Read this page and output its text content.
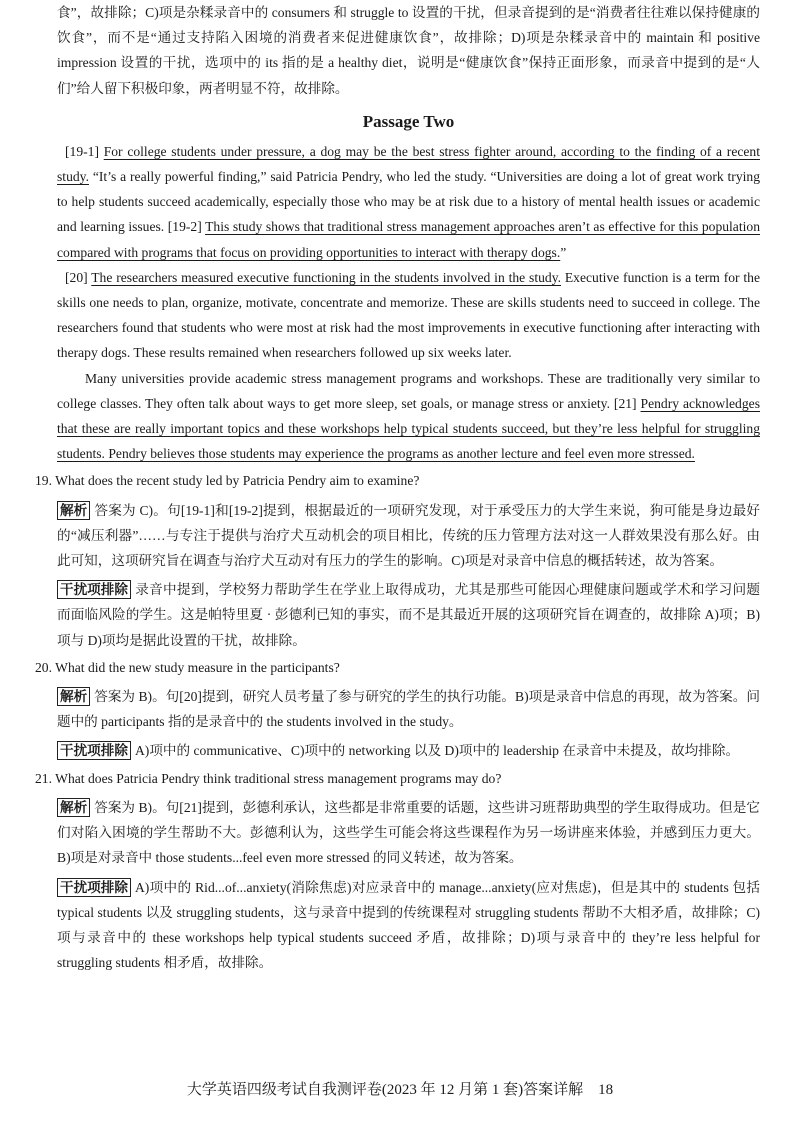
食”，故排除；C)项是杂糅录音中的 consumers 和 struggle to 设置的干扰，但录音提到的是“消费者往往难以保持健康的饮食”，而不是“通过支持陷入困境的消费者来促进健康饮食”，故排除；D)项是杂糅录音中的 maintain 和 positive impression 设置的干扰，选项中的 its 指的是 a healthy diet，说明是“健康饮食”保持正面形象，而录音中提到的是“人们”给人留下积极印象，两者明显不符，故排除。

Passage Two

[19-1] For college students under pressure, a dog may be the best stress fighter around, according to the finding of a recent study. “It’s a really powerful finding,” said Patricia Pendry, who led the study. “Universities are doing a lot of great work trying to help students succeed academically, especially those who may be at risk due to a history of mental health issues or academic and learning issues. [19-2] This study shows that traditional stress management approaches aren’t as effective for this population compared with programs that focus on providing opportunities to interact with therapy dogs.”

[20] The researchers measured executive functioning in the students involved in the study. Executive function is a term for the skills one needs to plan, organize, motivate, concentrate and memorize. These are skills students need to succeed in college. The researchers found that students who were most at risk had the most improvements in executive functioning after interacting with therapy dogs. These results remained when researchers followed up six weeks later.

Many universities provide academic stress management programs and workshops. These are traditionally very similar to college classes. They often talk about ways to get more sleep, set goals, or manage stress or anxiety. [21] Pendry acknowledges that these are really important topics and these workshops help typical students succeed, but they’re less helpful for struggling students. Pendry believes those students may experience the programs as another lecture and feel even more stressed.

19. What does the recent study led by Patricia Pendry aim to examine?

解析 答案为 C)。句[19-1]和[19-2]提到，根据最近的一项研究发现，对于承受压力的大学生来说，狗可能是身边最好的“减压利器”……与专注于提供与治疗犬互动机会的项目相比，传统的压力管理方法对这一人群效果没有那么好。由此可知，这项研究旨在调查与治疗犬互动对有压力的学生的影响。C)项是对录音中信息的概括转述，故为答案。

干扰项排除 录音中提到，学校努力帮助学生在学业上取得成功，尤其是那些可能因心理健康问题或学术和学习问题而面临风险的学生。这是帕特里夏 · 彭德利已知的事实，而不是其最近开展的这项研究旨在调查的，故排除 A)项；B)项与 D)项均是据此设置的干扰，故排除。

20. What did the new study measure in the participants?

解析 答案为 B)。句[20]提到，研究人员考量了参与研究的学生的执行功能。B)项是录音中信息的再现，故为答案。问题中的 participants 指的是录音中的 the students involved in the study。

干扰项排除 A)项中的 communicative、C)项中的 networking 以及 D)项中的 leadership 在录音中未提及，故均排除。

21. What does Patricia Pendry think traditional stress management programs may do?

解析 答案为 B)。句[21]提到，彭德利承认，这些都是非常重要的话题，这些讲习班帮助典型的学生取得成功。但是它们对陷入困境的学生帮助不大。彭德利认为，这些学生可能会将这些课程作为另一场讲座来体验，并感到压力更大。B)项是对录音中 those students...feel even more stressed 的同义转述，故为答案。

干扰项排除 A)项中的 Rid...of...anxiety(消除焦虑)对应录音中的 manage...anxiety(应对焦虑)，但是其中的 students 包括 typical students 以及 struggling students，这与录音中提到的传统课程对 struggling students 帮助不大相矛盾，故排除；C)项与录音中的 these workshops help typical students succeed 矛盾，故排除；D)项与录音中的 they’re less helpful for struggling students 相矛盾，故排除。

大学英语四级考试自我测评卷(2023 年 12 月第 1 套)答案详解　18
